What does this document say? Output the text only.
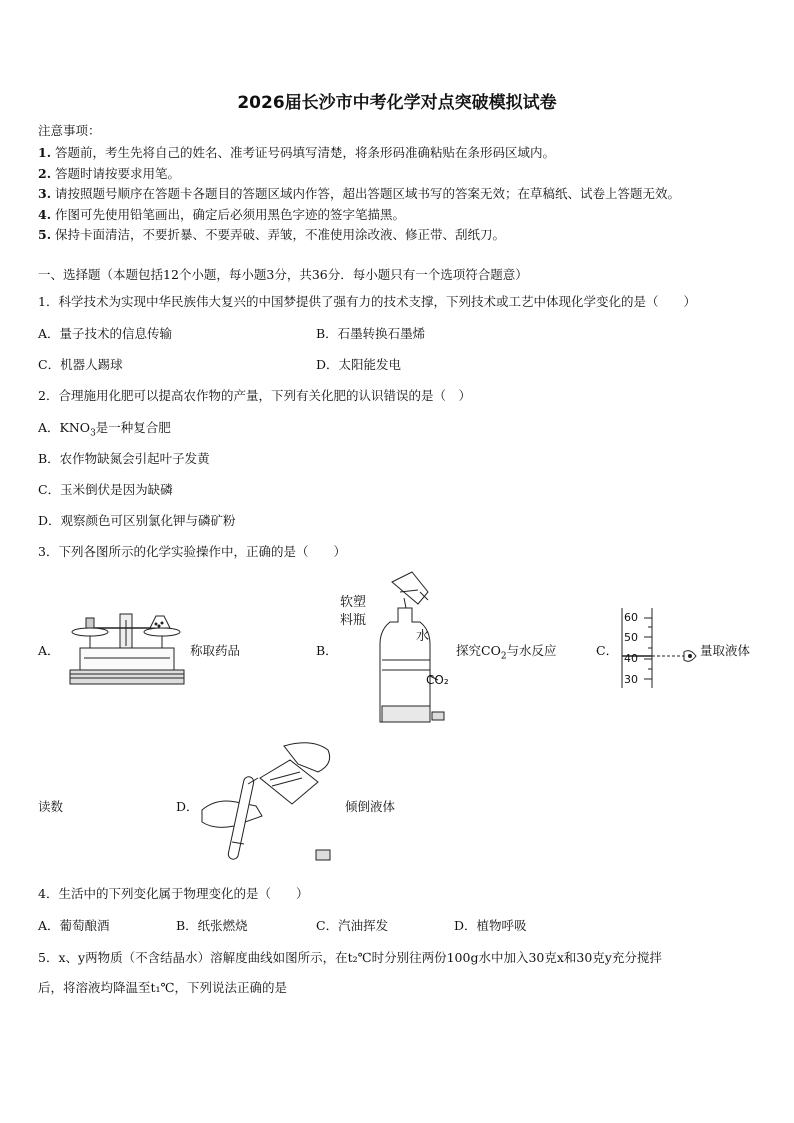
2026届长沙市中考化学对点突破模拟试卷
注意事项：
1. 答题前，考生先将自己的姓名、准考证号码填写清楚，将条形码准确粘贴在条形码区域内。
2. 答题时请按要求用笔。
3. 请按照题号顺序在答题卡各题目的答题区域内作答，超出答题区域书写的答案无效；在草稿纸、试卷上答题无效。
4. 作图可先使用铅笔画出，确定后必须用黑色字迹的签字笔描黑。
5. 保持卡面清洁，不要折暴、不要弄破、弄皱，不准使用涂改液、修正带、刮纸刀。
一、选择题（本题包括12个小题，每小题3分，共36分．每小题只有一个选项符合题意）
1．科学技术为实现中华民族伟大复兴的中国梦提供了强有力的技术支撑，下列技术或工艺中体现化学变化的是（　　）
A．量子技术的信息传输	B．石墨转换石墨烯
C．机器人踢球	D．太阳能发电
2．合理施用化肥可以提高农作物的产量，下列有关化肥的认识错误的是（　）
A．$KNO_3$是一种复合肥
B．农作物缺氮会引起叶子发黄
C．玉米倒伏是因为缺磷
D．观察颜色可区别氯化钾与磷矿粉
3．下列各图所示的化学实验操作中，正确的是（　　）
A．	称取药品	B．
软塑
料瓶
水
CO₂
探究$CO_2$与水反应	C．
60
50
40
30
量取液体
读数	D．	倾倒液体
4．生活中的下列变化属于物理变化的是（　　）
A．葡萄酿酒	B．纸张燃烧	C．汽油挥发	D．植物呼吸
5．x、y两物质（不含结晶水）溶解度曲线如图所示，在t₂℃时分别往两份100g水中加入30克x和30克y充分搅拌
后，将溶液均降温至t₁℃，下列说法正确的是
